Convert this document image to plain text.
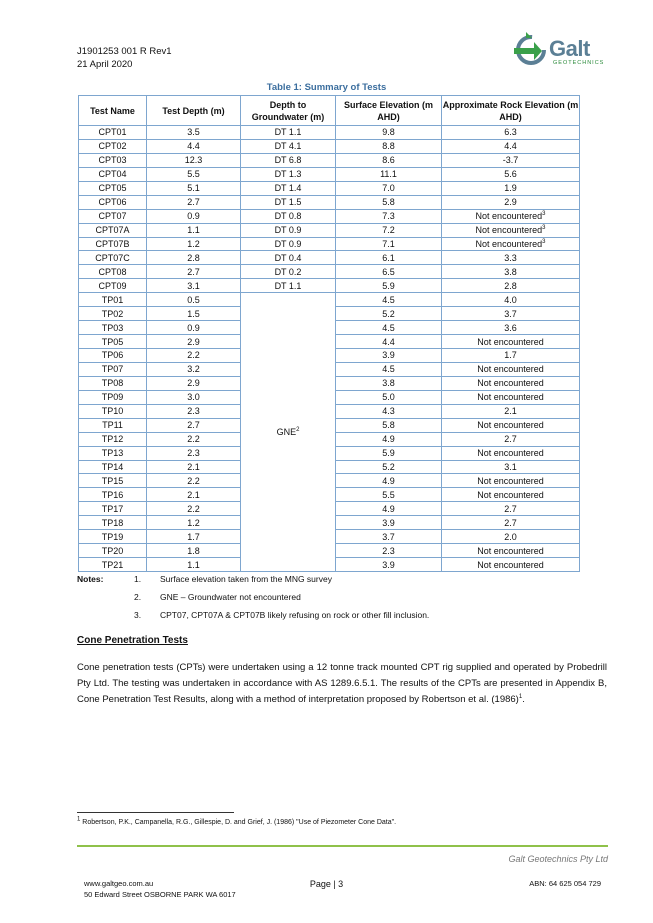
J1901253 001 R Rev1
21 April 2020
Galt
GEOTECHNICS
Table 1: Summary of Tests
Test Name	Test Depth (m)	Depth to Groundwater (m)	Surface Elevation (m AHD)	Approximate Rock Elevation (m AHD)
CPT01	3.5	DT 1.1	9.8	6.3
CPT02	4.4	DT 4.1	8.8	4.4
CPT03	12.3	DT 6.8	8.6	-3.7
CPT04	5.5	DT 1.3	11.1	5.6
CPT05	5.1	DT 1.4	7.0	1.9
CPT06	2.7	DT 1.5	5.8	2.9
CPT07	0.9	DT 0.8	7.3	Not encountered$^3$
CPT07A	1.1	DT 0.9	7.2	Not encountered$^3$
CPT07B	1.2	DT 0.9	7.1	Not encountered$^3$
CPT07C	2.8	DT 0.4	6.1	3.3
CPT08	2.7	DT 0.2	6.5	3.8
CPT09	3.1	DT 1.1	5.9	2.8
TP01	0.5	GNE$^2$	4.5	4.0
TP02	1.5		5.2	3.7
TP03	0.9		4.5	3.6
TP05	2.9		4.4	Not encountered
TP06	2.2		3.9	1.7
TP07	3.2		4.5	Not encountered
TP08	2.9		3.8	Not encountered
TP09	3.0		5.0	Not encountered
TP10	2.3		4.3	2.1
TP11	2.7		5.8	Not encountered
TP12	2.2		4.9	2.7
TP13	2.3		5.9	Not encountered
TP14	2.1		5.2	3.1
TP15	2.2		4.9	Not encountered
TP16	2.1		5.5	Not encountered
TP17	2.2		4.9	2.7
TP18	1.2		3.9	2.7
TP19	1.7		3.7	2.0
TP20	1.8		2.3	Not encountered
TP21	1.1		3.9	Not encountered
Notes:	1. Surface elevation taken from the MNG survey
2. GNE – Groundwater not encountered
3. CPT07, CPT07A & CPT07B likely refusing on rock or other fill inclusion.
Cone Penetration Tests
Cone penetration tests (CPTs) were undertaken using a 12 tonne track mounted CPT rig supplied and operated by Probedrill Pty Ltd. The testing was undertaken in accordance with AS 1289.6.5.1. The results of the CPTs are presented in Appendix B, Cone Penetration Test Results, along with a method of interpretation proposed by Robertson et al. $(1986)^1$.
$^1$ Robertson, P.K., Campanella, R.G., Gillespie, D. and Grief, J. (1986) "Use of Piezometer Cone Data".
Galt Geotechnics Pty Ltd
www.galtgeo.com.au
50 Edward Street OSBORNE PARK WA 6017
Page | 3	ABN: 64 625 054 729
